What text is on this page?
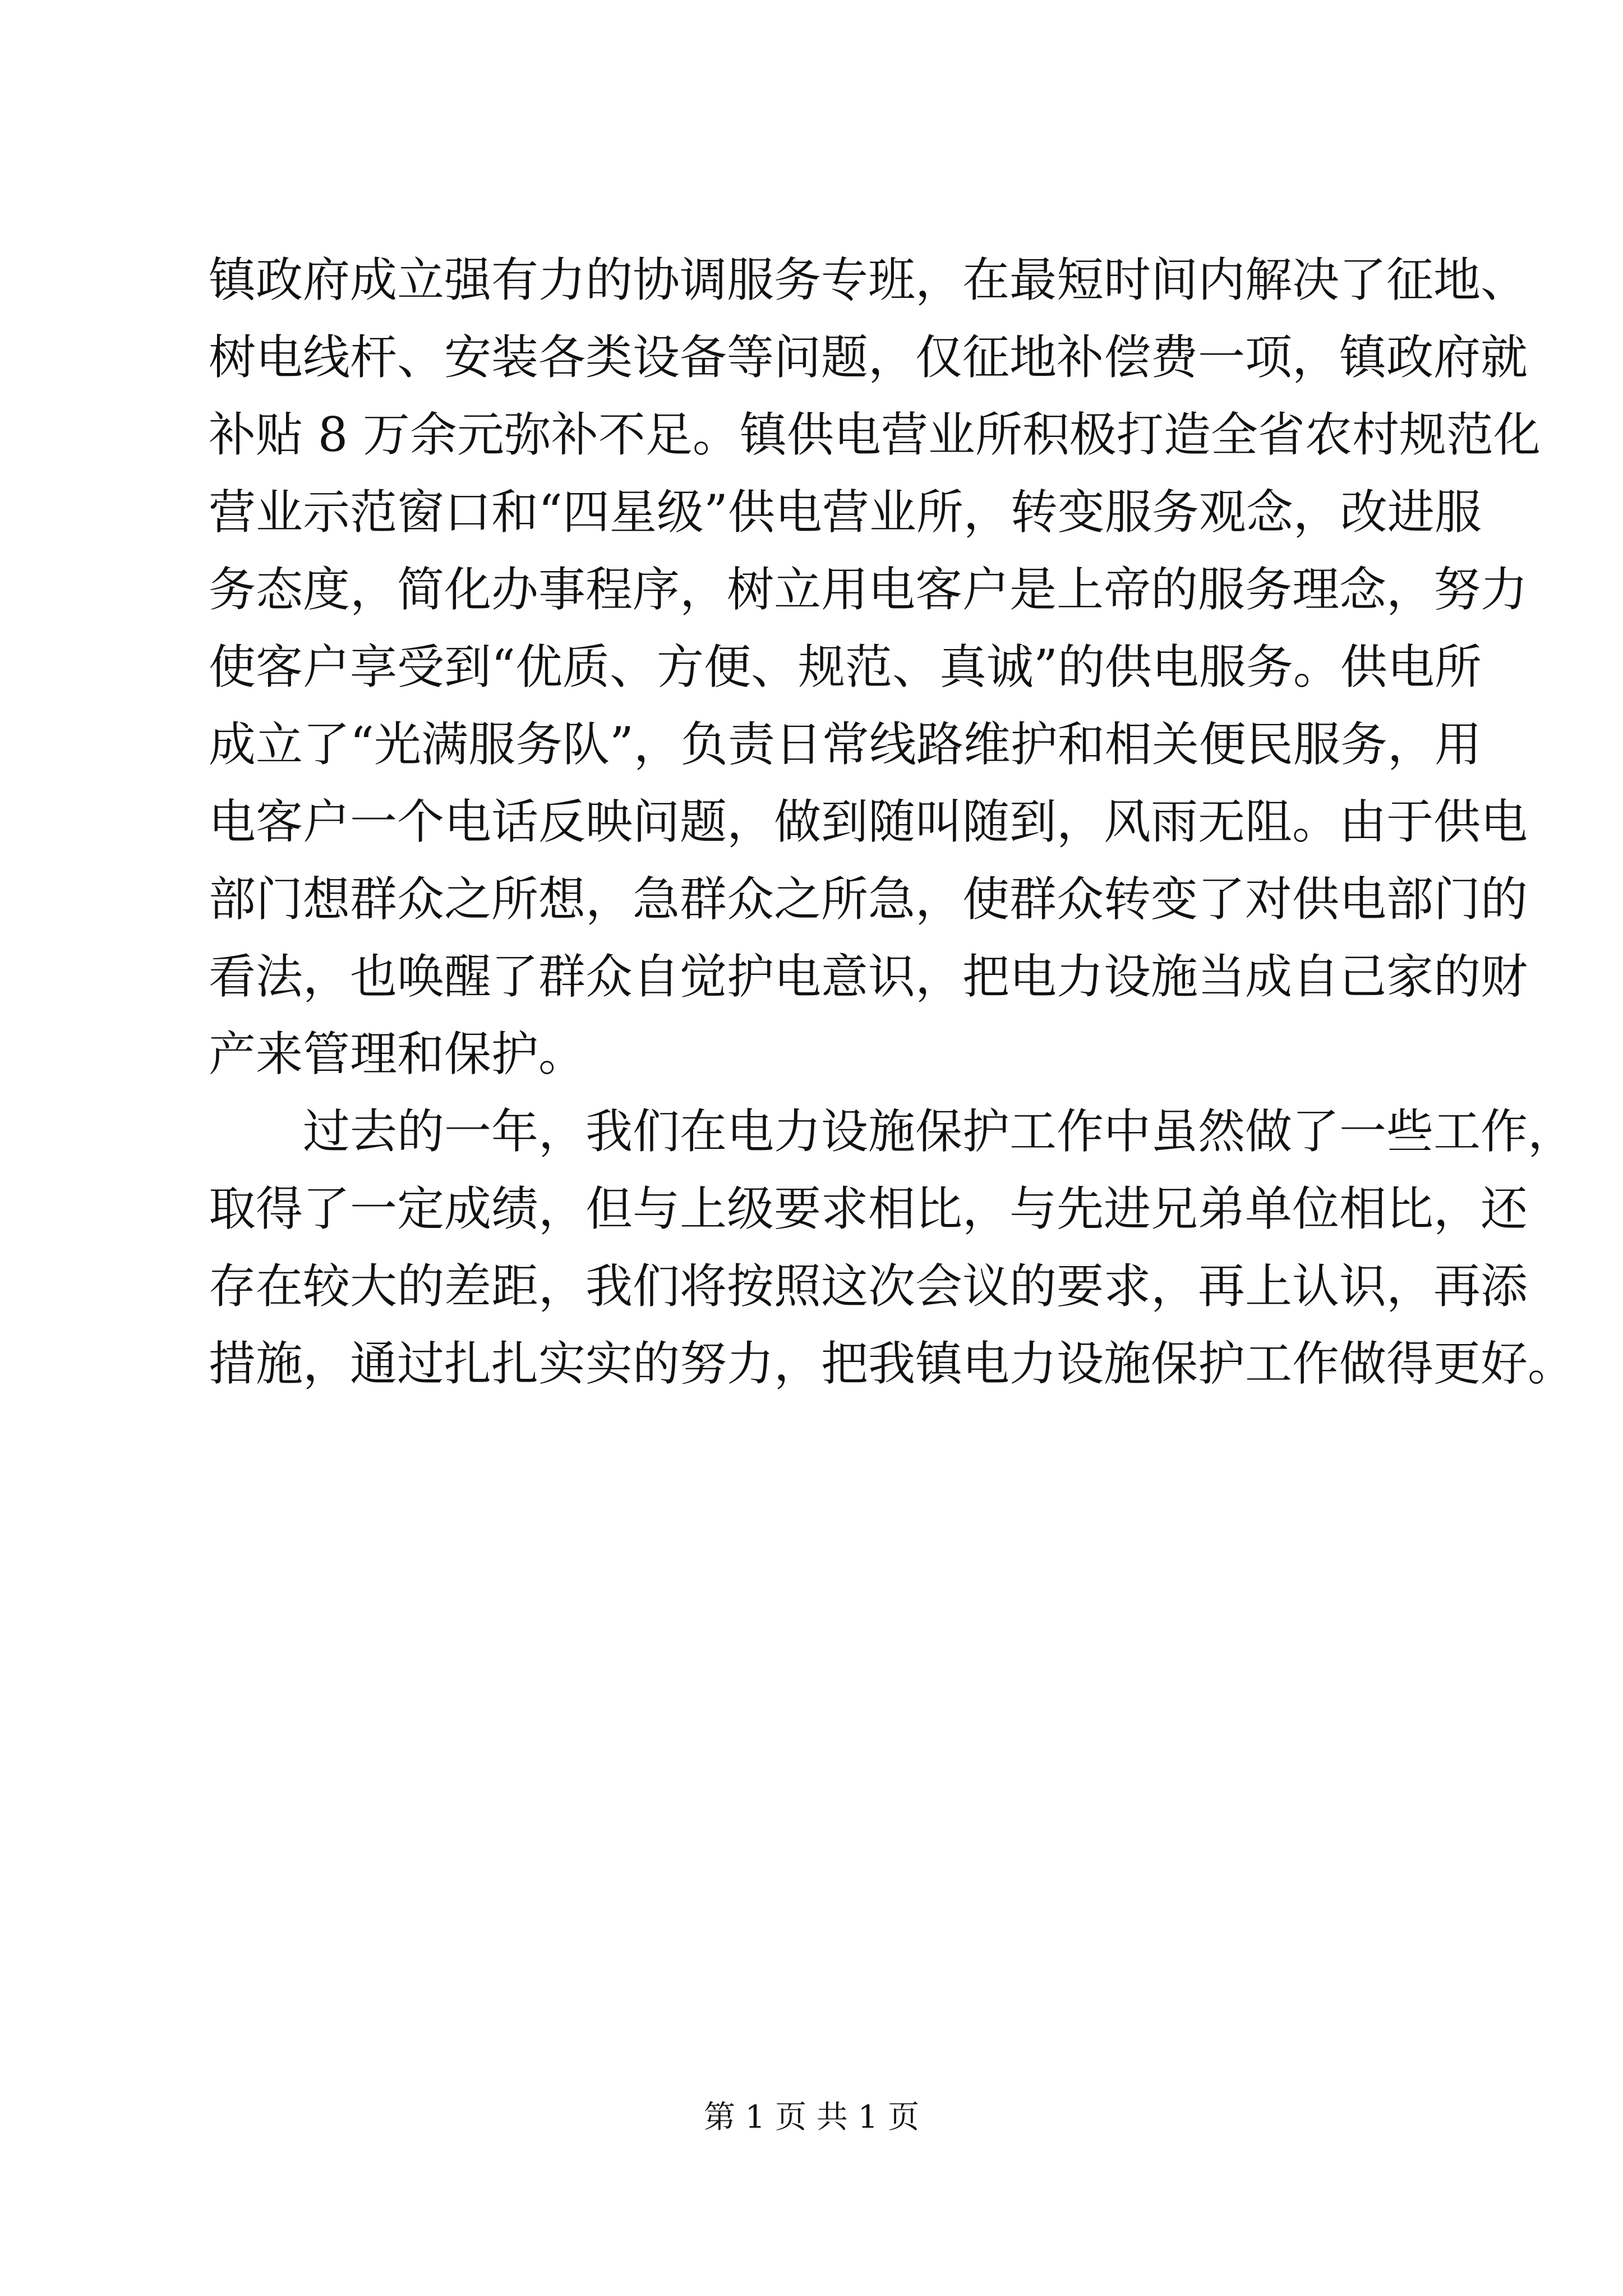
镇政府成立强有力的协调服务专班，在最短时间内解决了征地、
树电线杆、安装各类设备等问题，仅征地补偿费一项，镇政府就
补贴 8 万余元弥补不足。镇供电营业所积极打造全省农村规范化
营业示范窗口和“四星级”供电营业所，转变服务观念，改进服
务态度，简化办事程序，树立用电客户是上帝的服务理念，努力
使客户享受到“优质、方便、规范、真诚”的供电服务。供电所
成立了“光满服务队”，负责日常线路维护和相关便民服务，用
电客户一个电话反映问题，做到随叫随到，风雨无阻。由于供电
部门想群众之所想，急群众之所急，使群众转变了对供电部门的
看法，也唤醒了群众自觉护电意识，把电力设施当成自己家的财
产来管理和保护。
过去的一年，我们在电力设施保护工作中虽然做了一些工作，
取得了一定成绩，但与上级要求相比，与先进兄弟单位相比，还
存在较大的差距，我们将按照这次会议的要求，再上认识，再添
措施，通过扎扎实实的努力，把我镇电力设施保护工作做得更好。
第 1 页 共 1 页
